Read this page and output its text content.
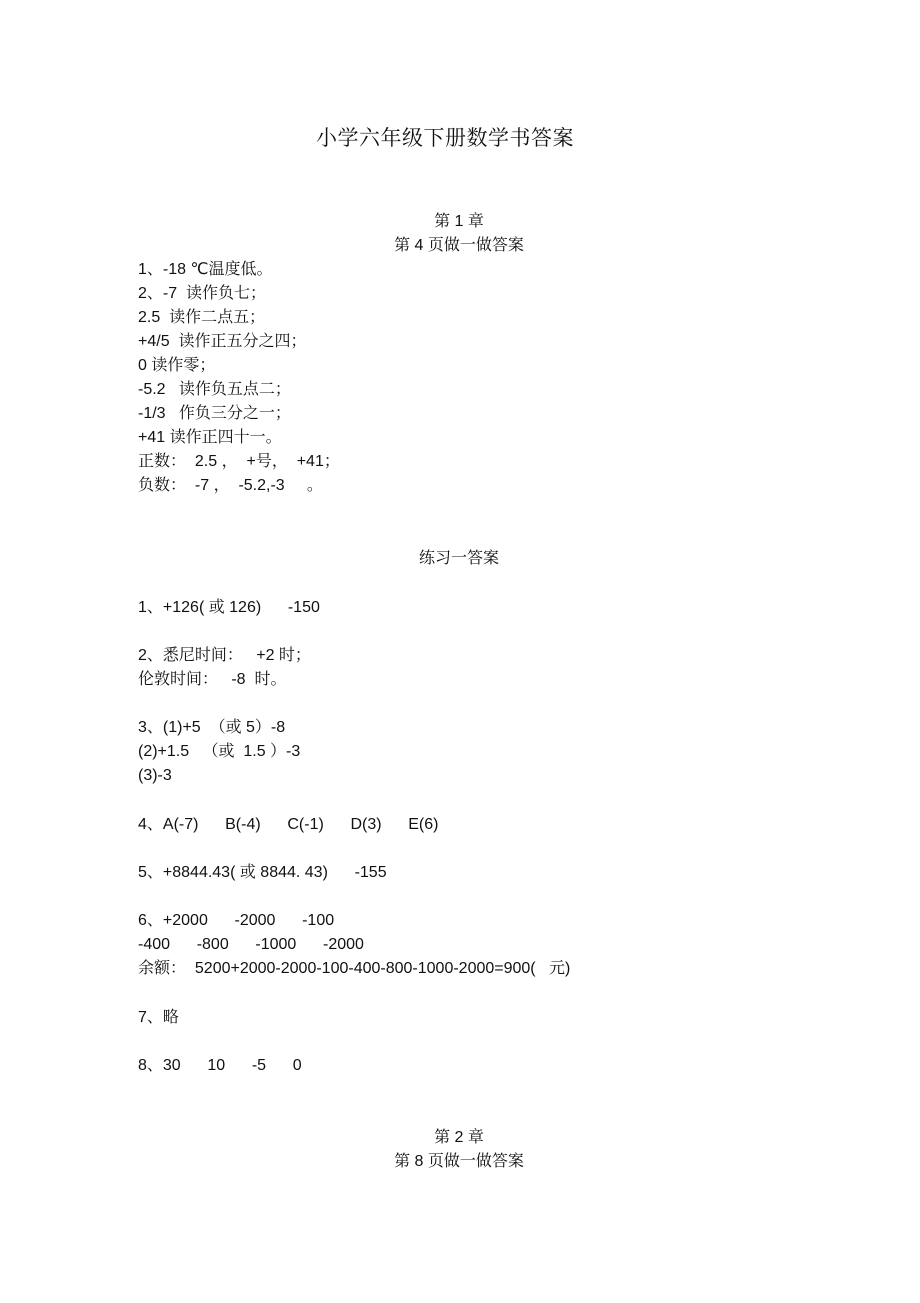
小学六年级下册数学书答案
第 1 章
第 4 页做一做答案
1、-18 ℃温度低。
2、-7  读作负七；
2.5  读作二点五；
+4/5  读作正五分之四；
0 读作零；
-5.2   读作负五点二；
-1/3   作负三分之一；
+41 读作正四十一。
正数：  2.5 ，  +号，  +41；
负数：  -7 ，  -5.2,-3     。
练习一答案
1、+126( 或 126)      -150
2、悉尼时间：   +2 时；
伦敦时间：   -8  时。
3、(1)+5  （或 5）-8
(2)+1.5   （或  1.5 ）-3
(3)-3
4、A(-7)      B(-4)      C(-1)      D(3)      E(6)
5、+8844.43( 或 8844. 43)      -155
6、+2000      -2000      -100
-400      -800      -1000      -2000
余额：  5200+2000-2000-100-400-800-1000-2000=900(   元)
7、略
8、30      10      -5      0
第 2 章
第 8 页做一做答案
